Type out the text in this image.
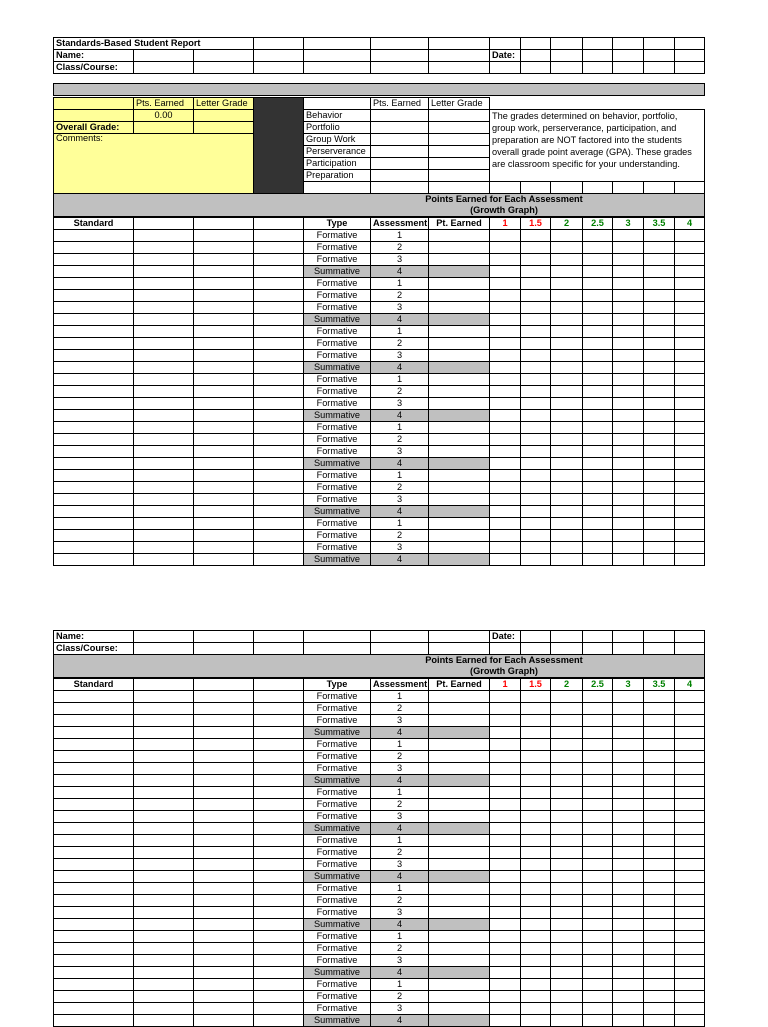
Standards-Based Student Report														
Name:							Date:							
Class/Course:														

	Pts. Earned	Letter Grade			Pts. Earned	Letter Grade								
	0.00			Behavior			The grades determined on behavior, portfolio, group work, perserverance, participation, and preparation are NOT factored into the students overall grade point average (GPA). These grades are classroom specific for your understanding.							
Overall Grade:				Portfolio										
Comments:				Group Work										
				Perserverance										
				Participation										
				Preparation										

Points Earned for Each Assessment
(Growth Graph)														
Standard				Type	Assessment	Pt. Earned	1	1.5	2	2.5	3	3.5	4
				Formative	1								
				Formative	2								
				Formative	3								
				Summative	4								
				Formative	1								
				Formative	2								
				Formative	3								
				Summative	4								
				Formative	1								
				Formative	2								
				Formative	3								
				Summative	4								
				Formative	1								
				Formative	2								
				Formative	3								
				Summative	4								
				Formative	1								
				Formative	2								
				Formative	3								
				Summative	4								
				Formative	1								
				Formative	2								
				Formative	3								
				Summative	4								
				Formative	1								
				Formative	2								
				Formative	3								
				Summative	4								
Name:							Date:						
Class/Course:													

Points Earned for Each Assessment
(Growth Graph)													
Standard				Type	Assessment	Pt. Earned	1	1.5	2	2.5	3	3.5	4
				Formative	1								
				Formative	2								
				Formative	3								
				Summative	4								
				Formative	1								
				Formative	2								
				Formative	3								
				Summative	4								
				Formative	1								
				Formative	2								
				Formative	3								
				Summative	4								
				Formative	1								
				Formative	2								
				Formative	3								
				Summative	4								
				Formative	1								
				Formative	2								
				Formative	3								
				Summative	4								
				Formative	1								
				Formative	2								
				Formative	3								
				Summative	4								
				Formative	1								
				Formative	2								
				Formative	3								
				Summative	4								
